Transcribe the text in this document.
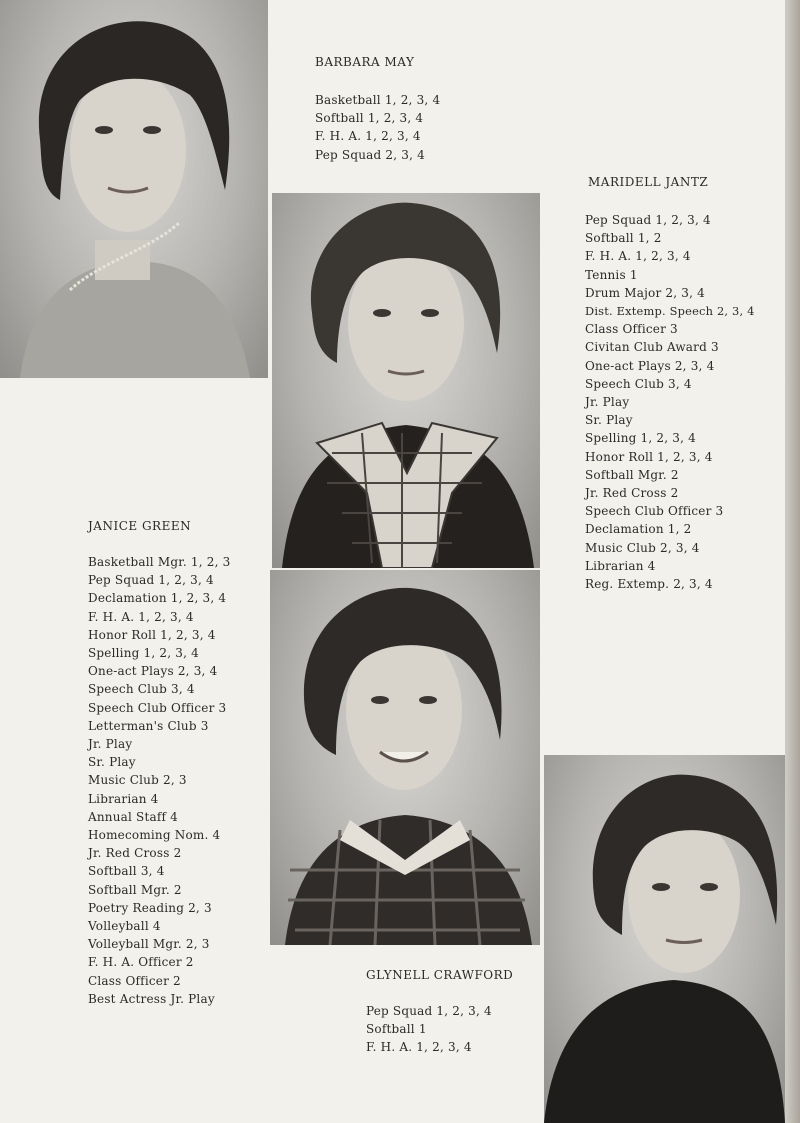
BARBARA MAY

Basketball 1, 2, 3, 4
Softball 1, 2, 3, 4
F. H. A. 1, 2, 3, 4
Pep Squad 2, 3, 4

MARIDELL JANTZ

Pep Squad 1, 2, 3, 4
Softball 1, 2
F. H. A. 1, 2, 3, 4
Tennis 1
Drum Major 2, 3, 4
Dist. Extemp. Speech 2, 3, 4
Class Officer 3
Civitan Club Award 3
One-act Plays 2, 3, 4
Speech Club 3, 4
Jr. Play
Sr. Play
Spelling 1, 2, 3, 4
Honor Roll 1, 2, 3, 4
Softball Mgr. 2
Jr. Red Cross 2
Speech Club Officer 3
Declamation 1, 2
Music Club 2, 3, 4
Librarian 4
Reg. Extemp. 2, 3, 4

JANICE GREEN

Basketball Mgr. 1, 2, 3
Pep Squad 1, 2, 3, 4
Declamation 1, 2, 3, 4
F. H. A. 1, 2, 3, 4
Honor Roll 1, 2, 3, 4
Spelling 1, 2, 3, 4
One-act Plays 2, 3, 4
Speech Club 3, 4
Speech Club Officer 3
Letterman's Club 3
Jr. Play
Sr. Play
Music Club 2, 3
Librarian 4
Annual Staff 4
Homecoming Nom. 4
Jr. Red Cross 2
Softball 3, 4
Softball Mgr. 2
Poetry Reading 2, 3
Volleyball 4
Volleyball Mgr. 2, 3
F. H. A. Officer 2
Class Officer 2
Best Actress Jr. Play

GLYNELL CRAWFORD

Pep Squad 1, 2, 3, 4
Softball 1
F. H. A. 1, 2, 3, 4
